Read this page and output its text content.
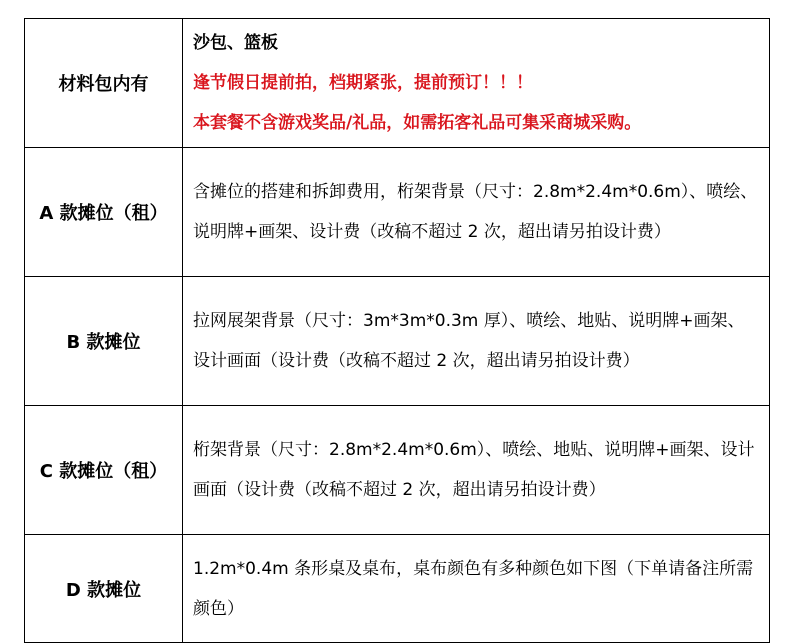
材料包内有	沙包、篮板
逢节假日提前拍，档期紧张，提前预订！！！
本套餐不含游戏奖品/礼品，如需拓客礼品可集采商城采购。

A 款摊位（租）	含摊位的搭建和拆卸费用，桁架背景（尺寸：2.8m*2.4m*0.6m）、喷绘、说明牌+画架、设计费（改稿不超过 2 次，超出请另拍设计费）
B 款摊位	拉网展架背景（尺寸：3m*3m*0.3m 厚）、喷绘、地贴、说明牌+画架、设计画面（设计费（改稿不超过 2 次，超出请另拍设计费）
C 款摊位（租）	桁架背景（尺寸：2.8m*2.4m*0.6m）、喷绘、地贴、说明牌+画架、设计画面（设计费（改稿不超过 2 次，超出请另拍设计费）
D 款摊位	1.2m*0.4m 条形桌及桌布，桌布颜色有多种颜色如下图（下单请备注所需颜色）
